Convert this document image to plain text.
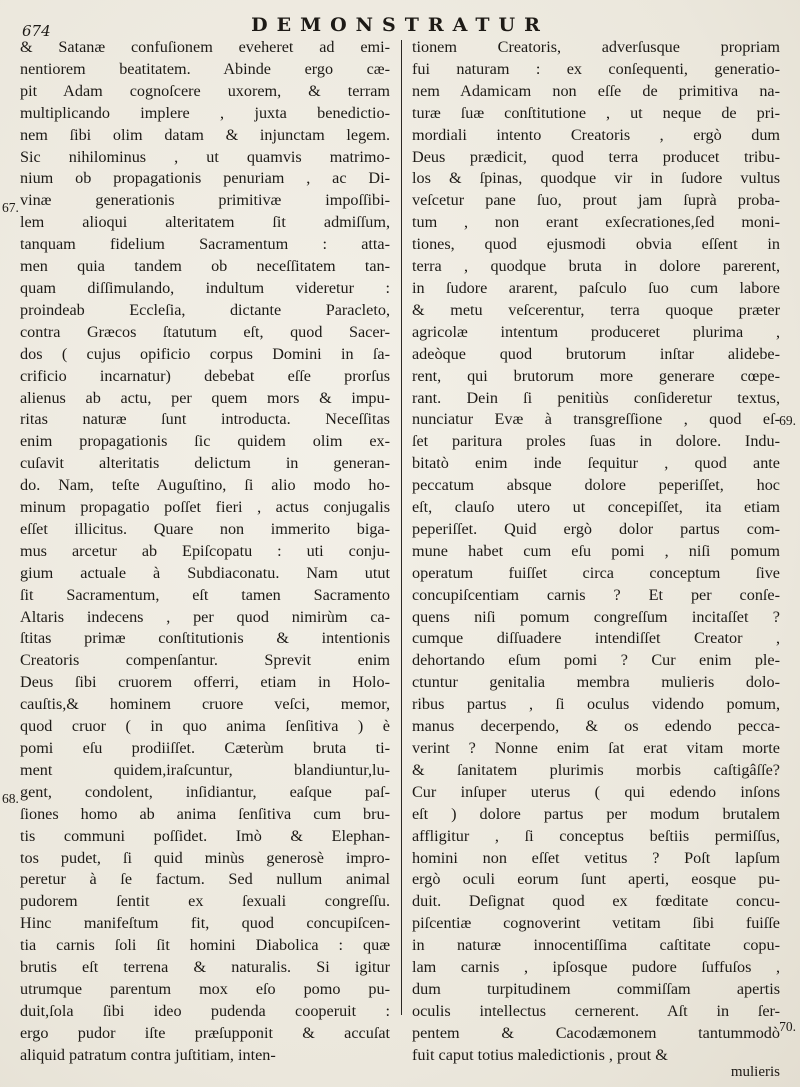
674	DEMONSTRATUR
& Satanæ confuſionem eveheret ad emi-
nentiorem beatitatem. Abinde ergo cæ-
pit Adam cognoſcere uxorem, & terram
multiplicando implere , juxta benedictio-
nem ſibi olim datam & injunctam legem.
Sic nihilominus , ut quamvis matrimo-
nium ob propagationis penuriam , ac Di-
vinæ generationis primitivæ impoſſibi-
lem alioqui alteritatem ſit admiſſum,
tanquam fidelium Sacramentum : atta-
men quia tandem ob neceſſitatem tan-
quam diſſimulando, indultum videretur :
proindeab Eccleſia, dictante Paracleto,
contra Græcos ſtatutum eſt, quod Sacer-
dos ( cujus opificio corpus Domini in ſa-
crificio incarnatur) debebat eſſe prorſus
alienus ab actu, per quem mors & impu-
ritas naturæ ſunt introducta. Neceſſitas
enim propagationis ſic quidem olim ex-
cuſavit alteritatis delictum in generan-
do. Nam, teſte Auguſtino, ſi alio modo ho-
minum propagatio poſſet fieri , actus conjugalis
eſſet illicitus. Quare non immerito biga-
mus arcetur ab Epiſcopatu : uti conju-
gium actuale à Subdiaconatu. Nam utut
ſit Sacramentum, eſt tamen Sacramento
Altaris indecens , per quod nimirùm ca-
ſtitas primæ conſtitutionis & intentionis
Creatoris compenſantur. Sprevit enim
Deus ſibi cruorem offerri, etiam in Holo-
cauſtis,& hominem cruore veſci, memor,
quod cruor ( in quo anima ſenſitiva ) è
pomi eſu prodiiſſet. Cæterùm bruta ti-
ment quidem,iraſcuntur, blandiuntur,lu-
gent, condolent, inſidiantur, eaſque paſ-
ſiones homo ab anima ſenſitiva cum bru-
tis communi poſſidet. Imò & Elephan-
tos pudet, ſi quid minùs generosè impro-
peretur à ſe factum. Sed nullum animal
pudorem ſentit ex ſexuali congreſſu.
Hinc manifeſtum fit, quod concupiſcen-
tia carnis ſoli ſit homini Diabolica : quæ
brutis eſt terrena & naturalis. Si igitur
utrumque parentum mox eſo pomo pu-
duit,ſola ſibi ideo pudenda cooperuit :
ergo pudor iſte præſupponit & accuſat
aliquid patratum contra juſtitiam, inten-
tionem Creatoris, adverſusque propriam
fui naturam : ex conſequenti, generatio-
nem Adamicam non eſſe de primitiva na-
turæ ſuæ conſtitutione , ut neque de pri-
mordiali intento Creatoris , ergò dum
Deus prædicit, quod terra producet tribu-
los & ſpinas, quodque vir in ſudore vultus
veſcetur pane ſuo, prout jam ſuprà proba-
tum , non erant exſecrationes,ſed moni-
tiones, quod ejusmodi obvia eſſent in
terra , quodque bruta in dolore parerent,
in ſudore ararent, paſculo ſuo cum labore
& metu veſcerentur, terra quoque præter
agricolæ intentum produceret plurima ,
adeòque quod brutorum inſtar alidebe-
rent, qui brutorum more generare cœpe-
rant. Dein ſi penitiùs conſideretur textus,
nunciatur Evæ à transgreſſione , quod eſ-
ſet paritura proles ſuas in dolore. Indu-
bitatò enim inde ſequitur , quod ante
peccatum absque dolore peperiſſet, hoc
eſt, clauſo utero ut concepiſſet, ita etiam
peperiſſet. Quid ergò dolor partus com-
mune habet cum eſu pomi , niſi pomum
operatum fuiſſet circa conceptum ſive
concupiſcentiam carnis ? Et per conſe-
quens niſi pomum congreſſum incitaſſet ?
cumque diſſuadere intendiſſet Creator ,
dehortando eſum pomi ? Cur enim ple-
ctuntur genitalia membra mulieris dolo-
ribus partus , ſi oculus videndo pomum,
manus decerpendo, & os edendo pecca-
verint ? Nonne enim ſat erat vitam morte
& ſanitatem plurimis morbis caſtigâſſe?
Cur inſuper uterus ( qui edendo inſons
eſt ) dolore partus per modum brutalem
affligitur , ſi conceptus beſtiis permiſſus,
homini non eſſet vetitus ? Poſt lapſum
ergò oculi eorum ſunt aperti, eosque pu-
duit. Deſignat quod ex fœditate concu-
piſcentiæ cognoverint vetitam ſibi fuiſſe
in naturæ innocentiſſima caſtitate copu-
lam carnis , ipſosque pudore ſuffuſos ,
dum turpitudinem commiſſam apertis
oculis intellectus cernerent. Aſt in ſer-
pentem & Cacodæmonem tantummodò
fuit caput totius maledictionis , prout &
67.
68.
69.
70.
mulieris
